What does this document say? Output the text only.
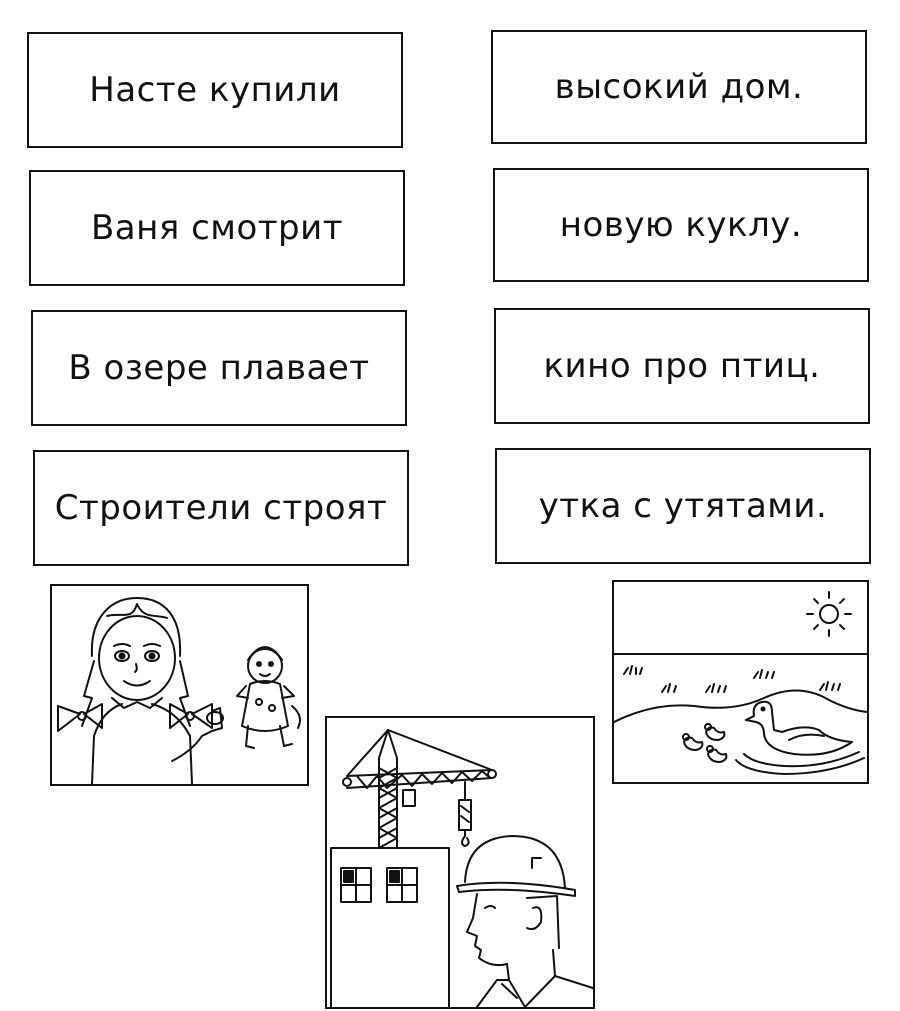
Насте купили
Ваня смотрит
В озере плавает
Строители строят
высокий дом.
новую куклу.
кино про птиц.
утка с утятами.
